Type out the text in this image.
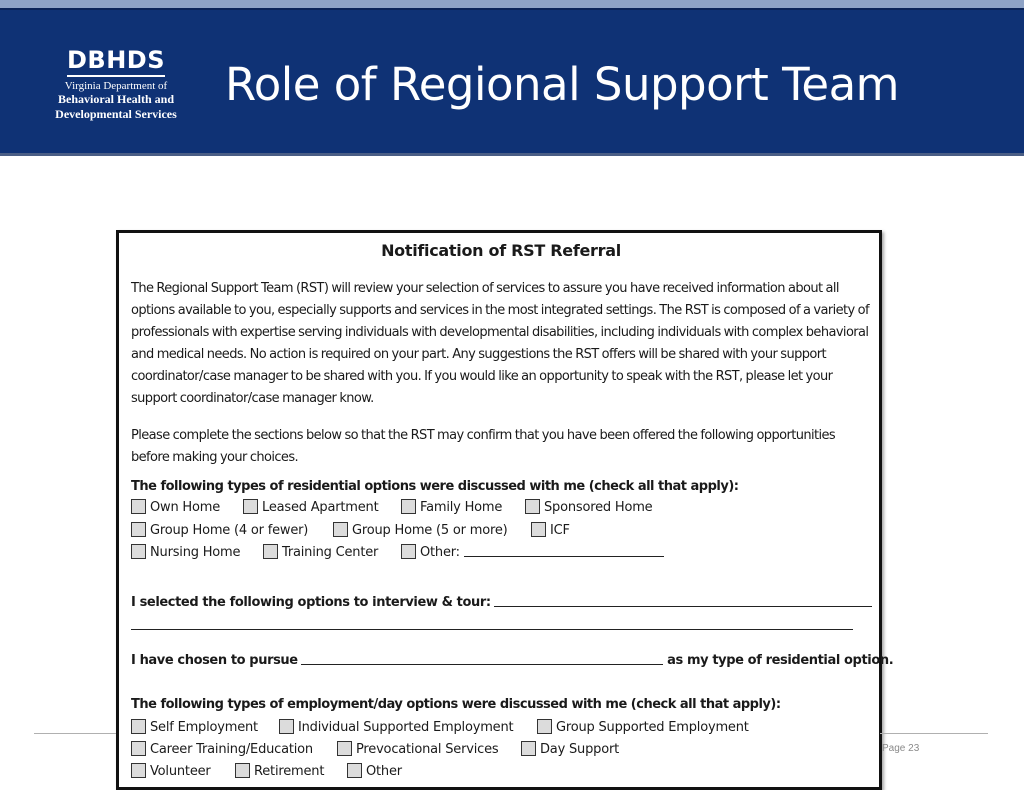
DBHDS
Virginia Department of
Behavioral Health and
Developmental Services
Role of Regional Support Team
Notification of RST Referral
The Regional Support Team (RST) will review your selection of services to assure you have received information about all options available to you, especially supports and services in the most integrated settings. The RST is composed of a variety of professionals with expertise serving individuals with developmental disabilities, including individuals with complex behavioral and medical needs. No action is required on your part. Any suggestions the RST offers will be shared with your support coordinator/case manager to be shared with you. If you would like an opportunity to speak with the RST, please let your support coordinator/case manager know.
Please complete the sections below so that the RST may confirm that you have been offered the following opportunities before making your choices.
The following types of residential options were discussed with me (check all that apply):
Own Home	Leased Apartment	Family Home	Sponsored Home
Group Home (4 or fewer)	Group Home (5 or more)	ICF
Nursing Home	Training Center	Other:
I selected the following options to interview & tour:
I have chosen to pursue	as my type of residential option.
The following types of employment/day options were discussed with me (check all that apply):
Self Employment	Individual Supported Employment	Group Supported Employment
Career Training/Education	Prevocational Services	Day Support
Volunteer	Retirement	Other
Page 23
